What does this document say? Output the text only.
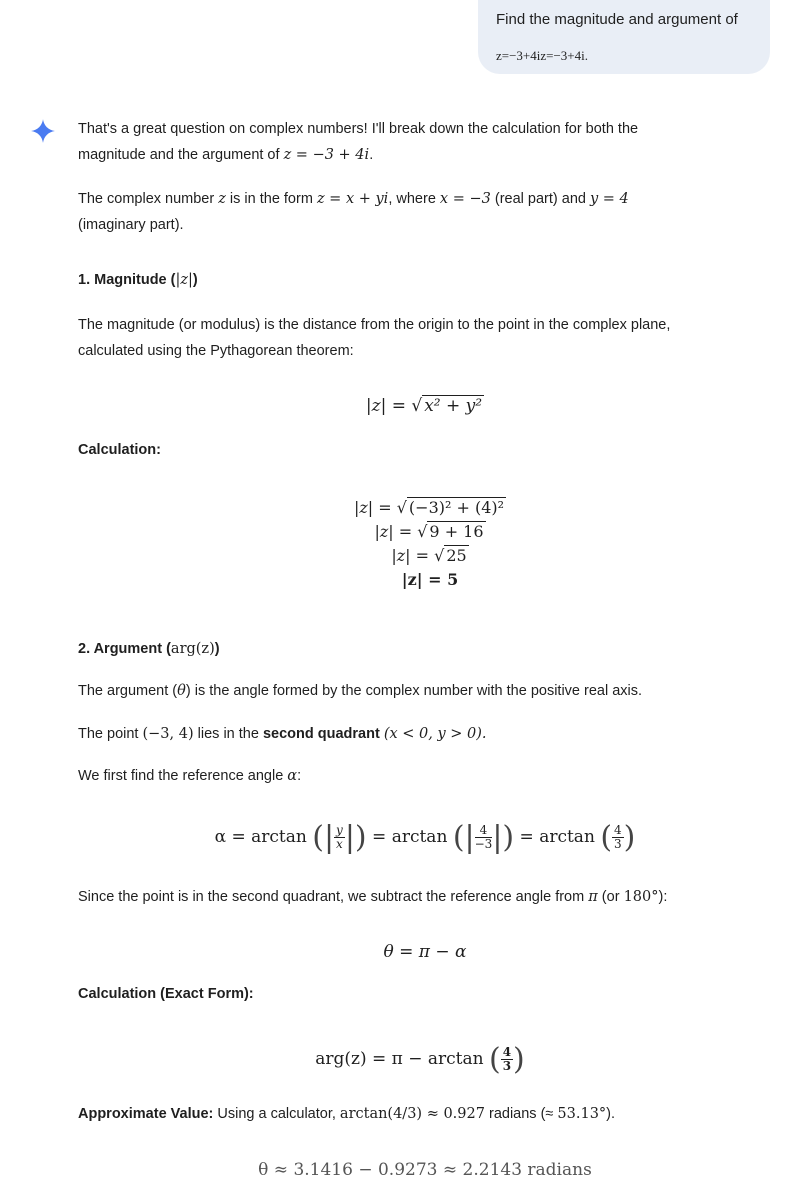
Find the magnitude and argument of
z=−3+4iz=−3+4i.
That's a great question on complex numbers! I'll break down the calculation for both the
magnitude and the argument of z = −3 + 4i.
The complex number z is in the form z = x + yi, where x = −3 (real part) and y = 4
(imaginary part).
1. Magnitude (|z|)
The magnitude (or modulus) is the distance from the origin to the point in the complex plane,
calculated using the Pythagorean theorem:
|z| = √ x² + y²
Calculation:
|z| = √ (−3)² + (4)²
|z| = √ 9 + 16
|z| = √ 25
|z| = 5
2. Argument (arg(z))
The argument (θ) is the angle formed by the complex number with the positive real axis.
The point (−3, 4) lies in the second quadrant (x < 0, y > 0).
We first find the reference angle α:
α = arctan (| $\frac{y}{x}$ |) = arctan (| $\frac{4}{-3}$ |) = arctan ( $\frac{4}{3}$ )
Since the point is in the second quadrant, we subtract the reference angle from π (or 180°):
θ = π − α
Calculation (Exact Form):
arg(z) = π − arctan ( $\frac{4}{3}$ )
Approximate Value: Using a calculator, arctan(4/3) ≈ 0.927 radians (≈ 53.13°).
θ ≈ 3.1416 − 0.9273 ≈ 2.2143 radians
